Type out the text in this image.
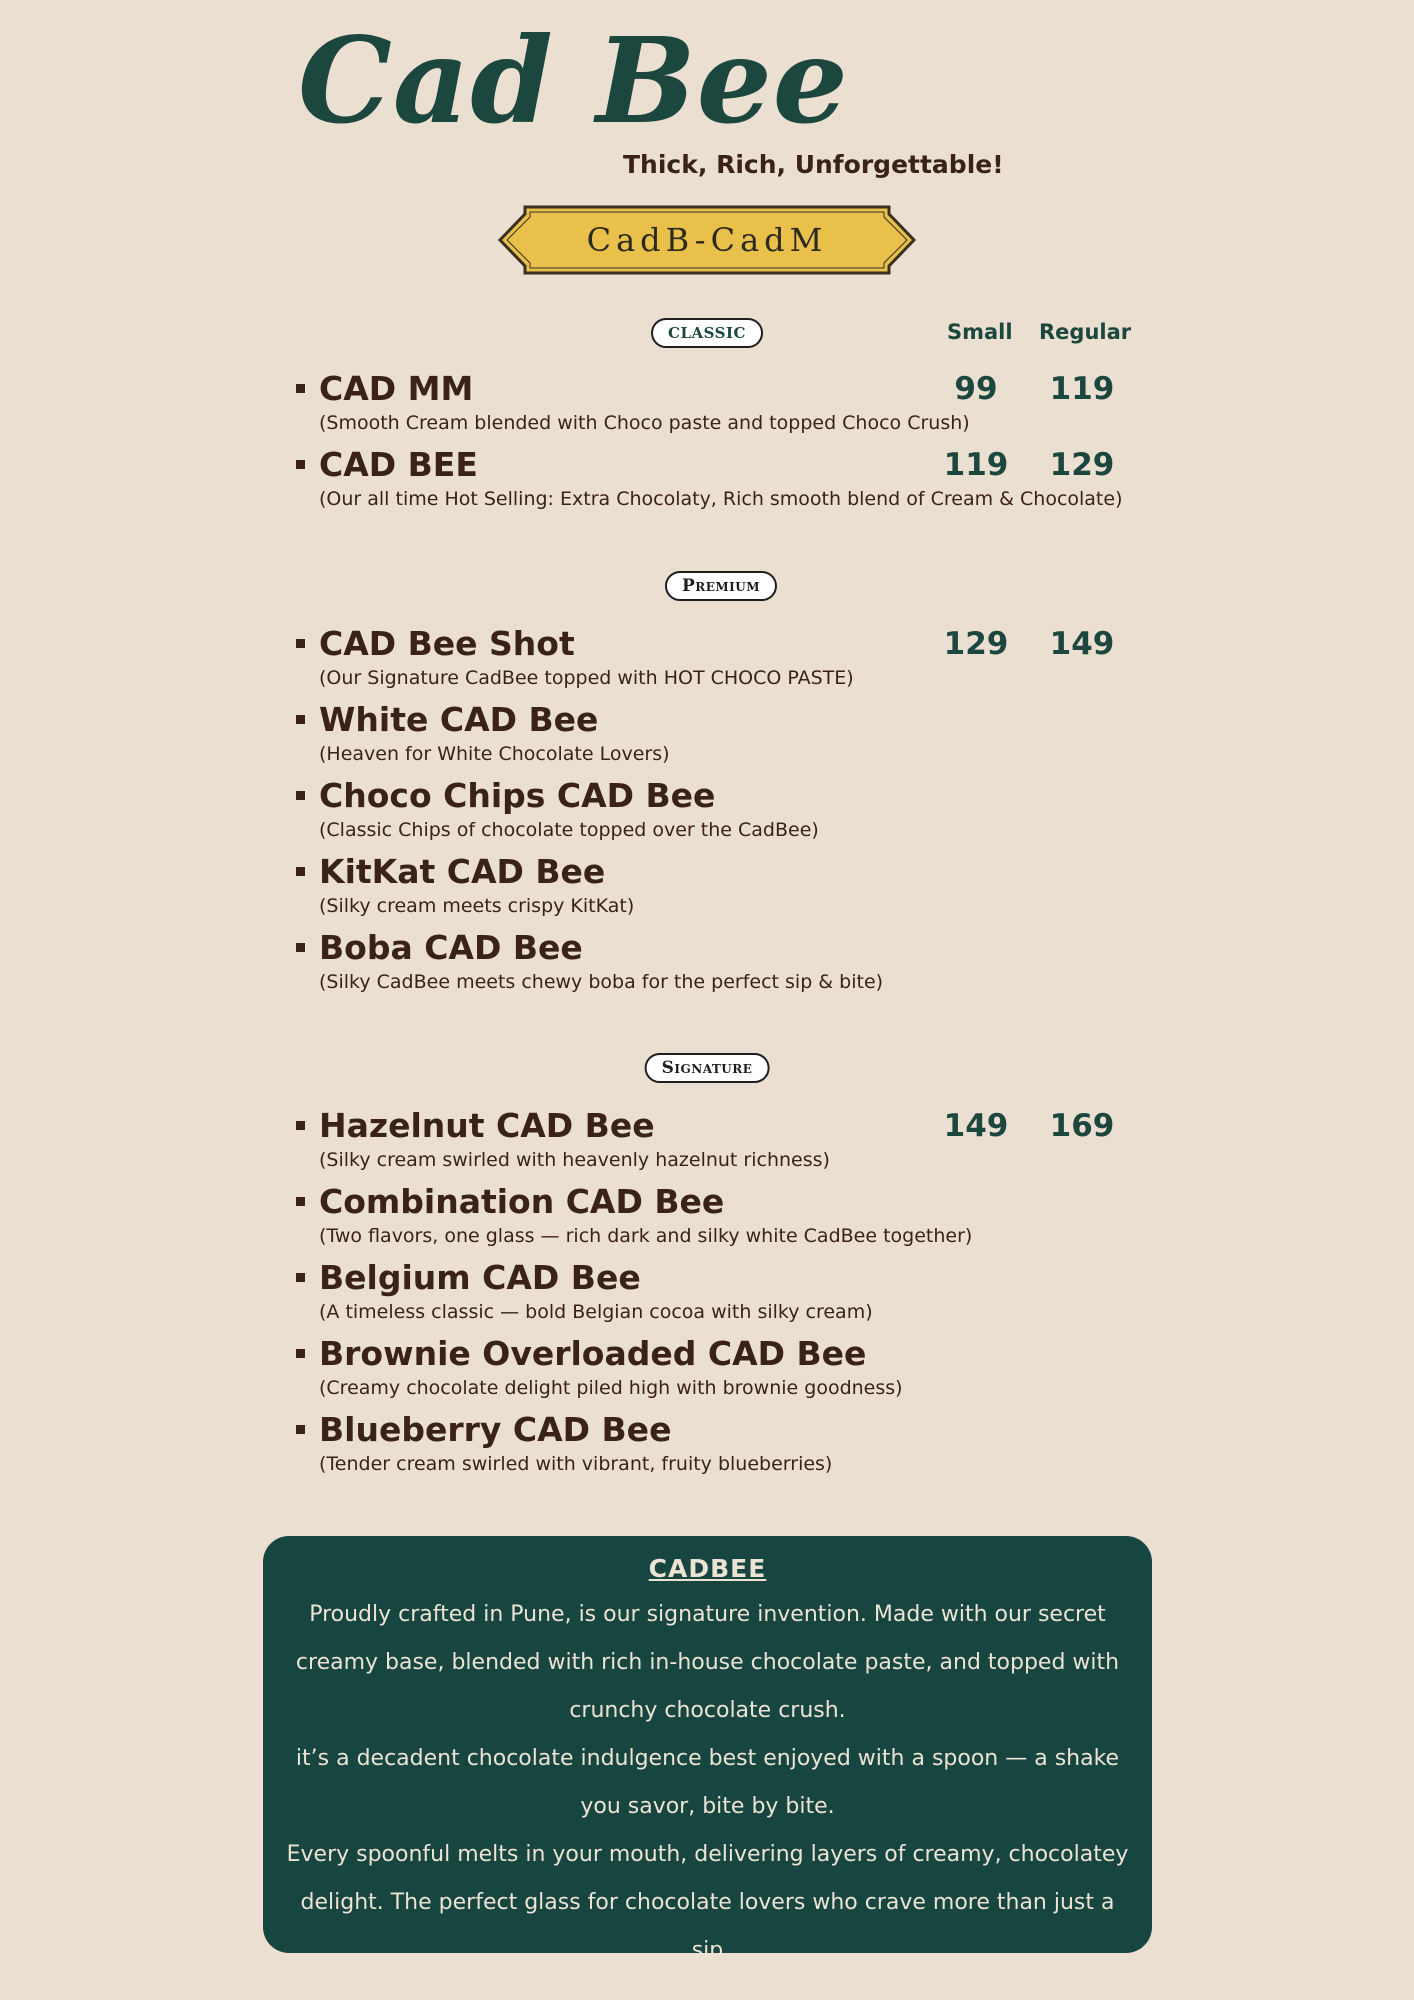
Cad Bee
Thick, Rich, Unforgettable!
CadB-CadM
CLASSIC	Small Regular
CAD MM
(Smooth Cream blended with Choco paste and topped Choco Crush)
99	119
CAD BEE
(Our all time Hot Selling: Extra Chocolaty, Rich smooth blend of Cream & Chocolate)
119 129
Premium
CAD Bee Shot
(Our Signature CadBee topped with HOT CHOCO PASTE)
129 149
White CAD Bee
(Heaven for White Chocolate Lovers)
Choco Chips CAD Bee
(Classic Chips of chocolate topped over the CadBee)
KitKat CAD Bee
(Silky cream meets crispy KitKat)
Boba CAD Bee
(Silky CadBee meets chewy boba for the perfect sip & bite)
Signature
Hazelnut CAD Bee
(Silky cream swirled with heavenly hazelnut richness)
149 169
Combination CAD Bee
(Two flavors, one glass — rich dark and silky white CadBee together)
Belgium CAD Bee
(A timeless classic — bold Belgian cocoa with silky cream)
Brownie Overloaded CAD Bee
(Creamy chocolate delight piled high with brownie goodness)
Blueberry CAD Bee
(Tender cream swirled with vibrant, fruity blueberries)
CADBEE
Proudly crafted in Pune, is our signature invention. Made with our secret creamy base, blended with rich in-house chocolate paste, and topped with crunchy chocolate crush.
it’s a decadent chocolate indulgence best enjoyed with a spoon — a shake you savor, bite by bite.
Every spoonful melts in your mouth, delivering layers of creamy, chocolatey delight. The perfect glass for chocolate lovers who crave more than just a sip
